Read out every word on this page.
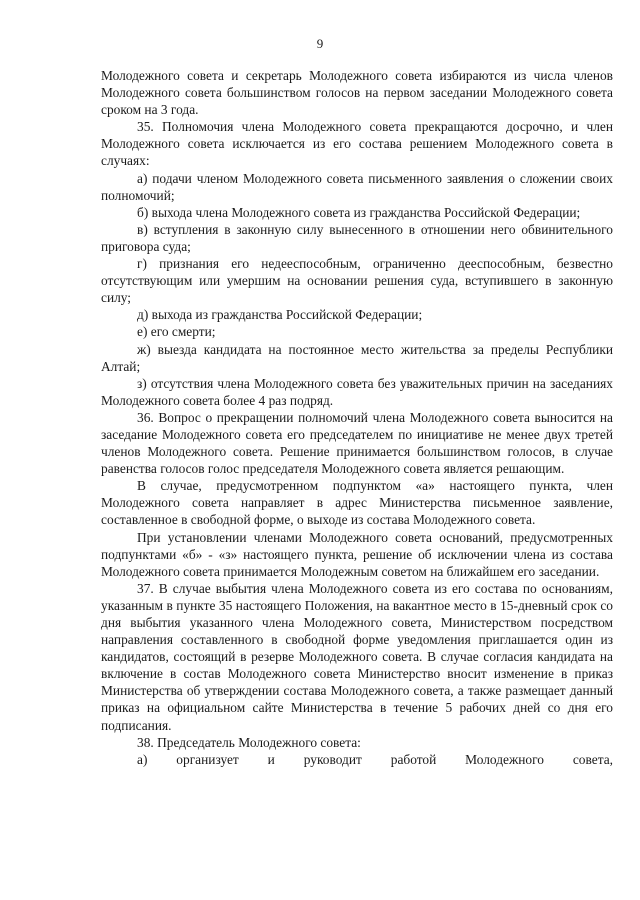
9

Молодежного совета и секретарь Молодежного совета избираются из числа членов Молодежного совета большинством голосов на первом заседании Молодежного совета сроком на 3 года.

35. Полномочия члена Молодежного совета прекращаются досрочно, и член Молодежного совета исключается из его состава решением Молодежного совета в случаях:

а) подачи членом Молодежного совета письменного заявления о сложении своих полномочий;

б) выхода члена Молодежного совета из гражданства Российской Федерации;

в) вступления в законную силу вынесенного в отношении него обвинительного приговора суда;

г) признания его недееспособным, ограниченно дееспособным, безвестно отсутствующим или умершим на основании решения суда, вступившего в законную силу;

д) выхода из гражданства Российской Федерации;

е) его смерти;

ж) выезда кандидата на постоянное место жительства за пределы Республики Алтай;

з) отсутствия члена Молодежного совета без уважительных причин на заседаниях Молодежного совета более 4 раз подряд.

36. Вопрос о прекращении полномочий члена Молодежного совета выносится на заседание Молодежного совета его председателем по инициативе не менее двух третей членов Молодежного совета. Решение принимается большинством голосов, в случае равенства голосов голос председателя Молодежного совета является решающим.

В случае, предусмотренном подпунктом «а» настоящего пункта, член Молодежного совета направляет в адрес Министерства письменное заявление, составленное в свободной форме, о выходе из состава Молодежного совета.

При установлении членами Молодежного совета оснований, предусмотренных подпунктами «б» - «з» настоящего пункта, решение об исключении члена из состава Молодежного совета принимается Молодежным советом на ближайшем его заседании.

37. В случае выбытия члена Молодежного совета из его состава по основаниям, указанным в пункте 35 настоящего Положения, на вакантное место в 15-дневный срок со дня выбытия указанного члена Молодежного совета, Министерством посредством направления составленного в свободной форме уведомления приглашается один из кандидатов, состоящий в резерве Молодежного совета. В случае согласия кандидата на включение в состав Молодежного совета Министерство вносит изменение в приказ Министерства об утверждении состава Молодежного совета, а также размещает данный приказ на официальном сайте Министерства в течение 5 рабочих дней со дня его подписания.

38. Председатель Молодежного совета:

а) организует и руководит работой Молодежного совета,
